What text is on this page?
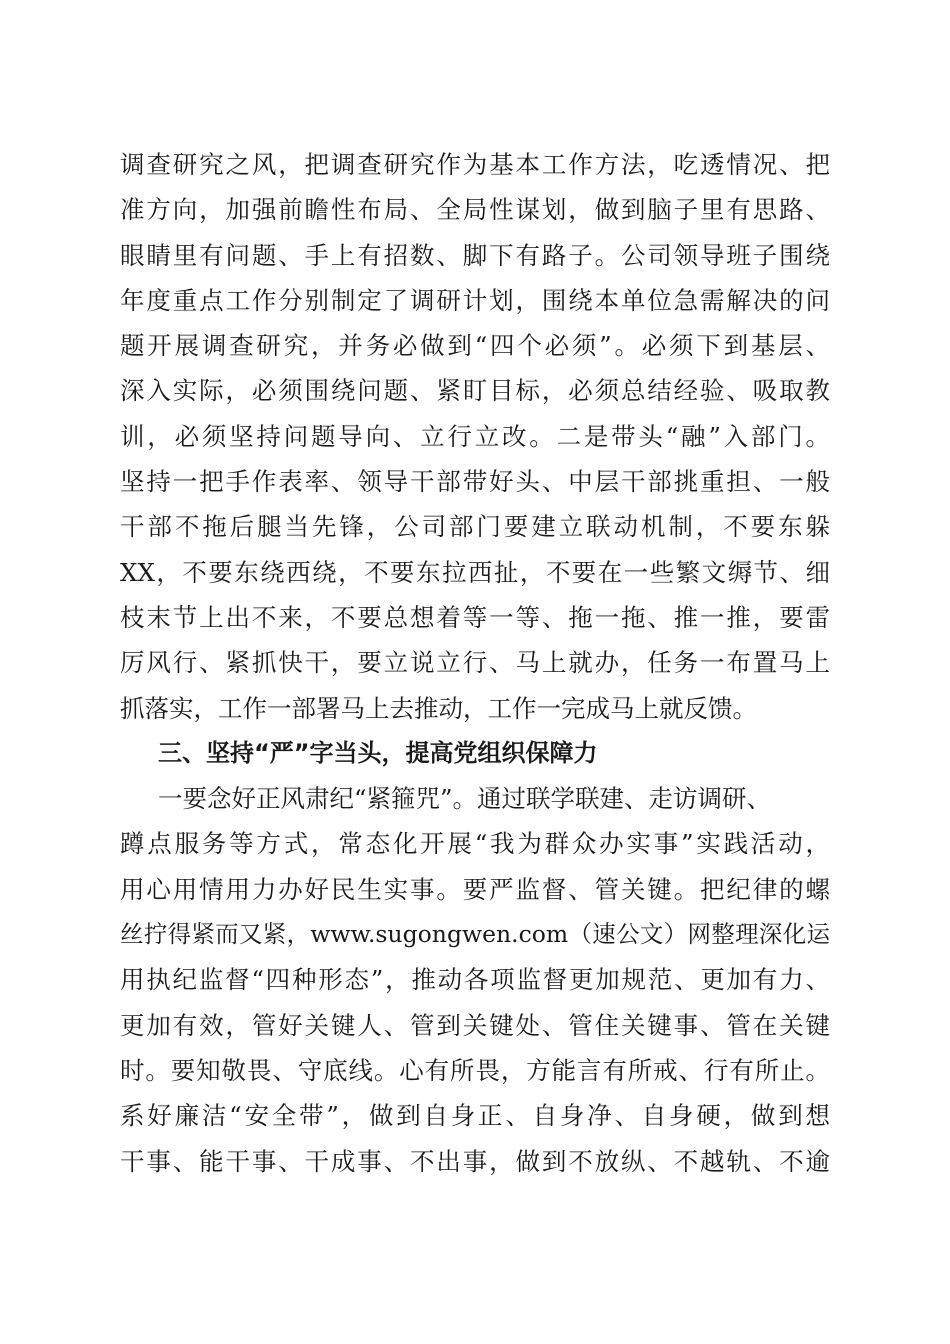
调查研究之风，把调查研究作为基本工作方法，吃透情况、把
准方向，加强前瞻性布局、全局性谋划，做到脑子里有思路、
眼睛里有问题、手上有招数、脚下有路子。公司领导班子围绕
年度重点工作分别制定了调研计划，围绕本单位急需解决的问
题开展调查研究，并务必做到“四个必须”。必须下到基层、
深入实际，必须围绕问题、紧盯目标，必须总结经验、吸取教
训，必须坚持问题导向、立行立改。二是带头“融”入部门。
坚持一把手作表率、领导干部带好头、中层干部挑重担、一般
干部不拖后腿当先锋，公司部门要建立联动机制，不要东躲
XX，不要东绕西绕，不要东拉西扯，不要在一些繁文缛节、细
枝末节上出不来，不要总想着等一等、拖一拖、推一推，要雷
厉风行、紧抓快干，要立说立行、马上就办，任务一布置马上
抓落实，工作一部署马上去推动，工作一完成马上就反馈。
三、坚持“严”字当头，提高党组织保障力
一要念好正风肃纪“紧箍咒”。通过联学联建、走访调研、
蹲点服务等方式，常态化开展“我为群众办实事”实践活动，
用心用情用力办好民生实事。要严监督、管关键。把纪律的螺
丝拧得紧而又紧，www.sugongwen.com（速公文）网整理深化运
用执纪监督“四种形态”，推动各项监督更加规范、更加有力、
更加有效，管好关键人、管到关键处、管住关键事、管在关键
时。要知敬畏、守底线。心有所畏，方能言有所戒、行有所止。
系好廉洁“安全带”，做到自身正、自身净、自身硬，做到想
干事、能干事、干成事、不出事，做到不放纵、不越轨、不逾
